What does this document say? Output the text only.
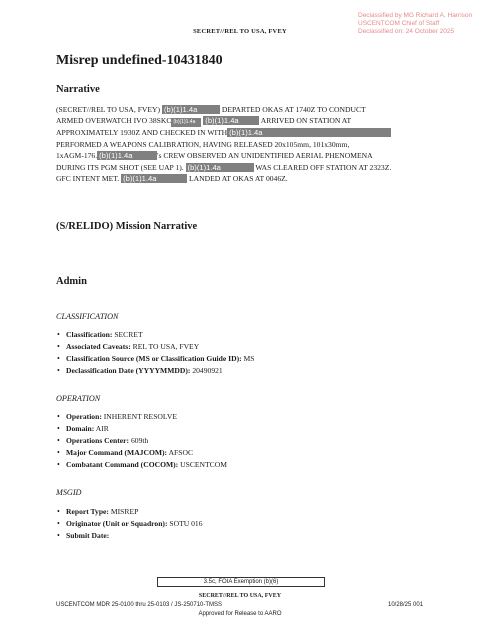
Declassified by MG Richard A. Harrison
USCENTCOM Chief of Staff
Declassified on: 24 October 2025
SECRET//REL TO USA, FVEY
Misrep undefined-10431840
Narrative

(SECRET//REL TO USA, FVEY) (b)(1)1.4a	DEPARTED OKAS AT 1740Z TO CONDUCT

ARMED OVERWATCH IVO 38SKC (b)(1)1.4a (b)(1)1.4a	ARRIVED ON STATION AT

APPROXIMATELY 1930Z AND CHECKED IN WITH (b)(1)1.4a

PERFORMED A WEAPONS CALIBRATION, HAVING RELEASED 20x105mm, 101x30mm,

1xAGM-176. (b)(1)1.4a	's CREW OBSERVED AN UNIDENTIFIED AERIAL PHENOMENA

DURING ITS PGM SHOT (SEE UAP 1). (b)(1)1.4a	WAS CLEARED OFF STATION AT 2323Z.

GFC INTENT MET. (b)(1)1.4a	LANDED AT OKAS AT 0046Z.

(S/RELIDO) Mission Narrative
Admin
CLASSIFICATION
• Classification: SECRET
• Associated Caveats: REL TO USA, FVEY
• Classification Source (MS or Classification Guide ID): MS
• Declassification Date (YYYYMMDD): 20490921
OPERATION
• Operation: INHERENT RESOLVE
• Domain: AIR
• Operations Center: 609th
• Major Command (MAJCOM): AFSOC
• Combatant Command (COCOM): USCENTCOM
MSGID
• Report Type: MISREP
• Originator (Unit or Squadron): SOTU 016
• Submit Date:
3.5c, FOIA Exemption (b)(6)
SECRET//REL TO USA, FVEY
USCENTCOM MDR 25-0100 thru 25-0103 / JS-250710-TMSS	10/28/25 001
Approved for Release to AARO
